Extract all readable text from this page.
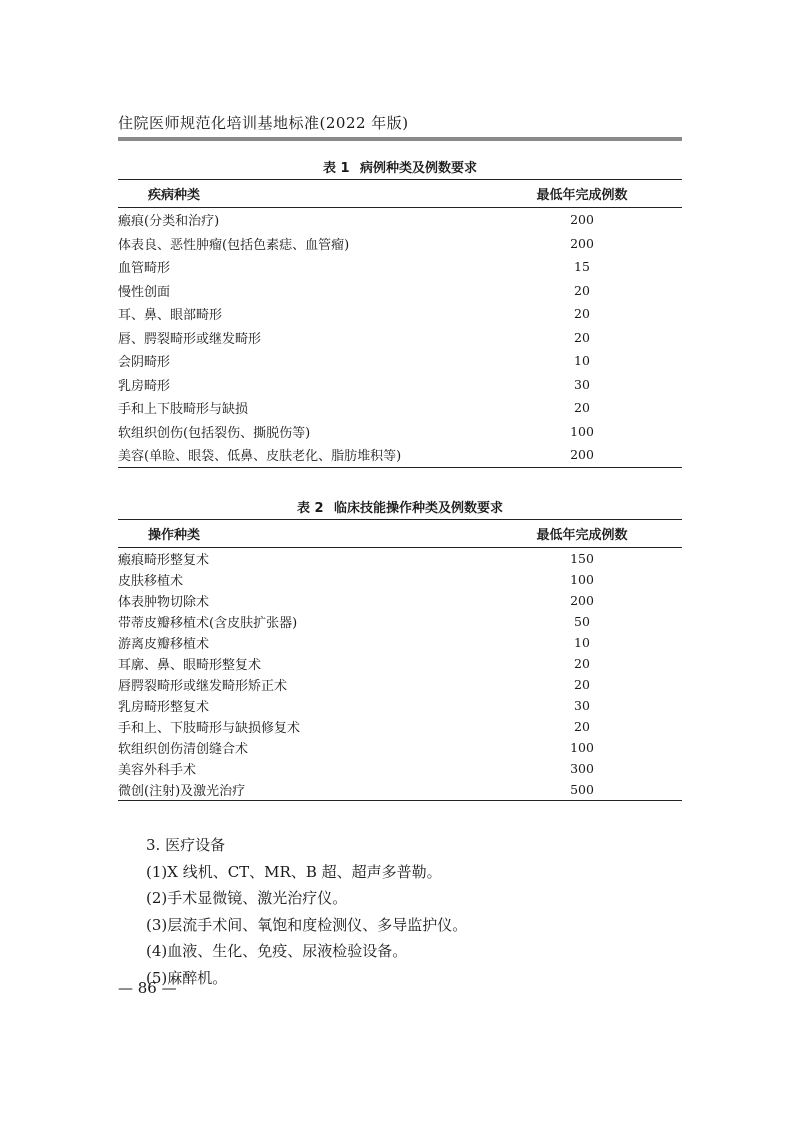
住院医师规范化培训基地标准(2022 年版)
表 1 病例种类及例数要求
疾病种类	最低年完成例数
瘢痕(分类和治疗)	200
体表良、恶性肿瘤(包括色素痣、血管瘤)	200
血管畸形	15
慢性创面	20
耳、鼻、眼部畸形	20
唇、腭裂畸形或继发畸形	20
会阴畸形	10
乳房畸形	30
手和上下肢畸形与缺损	20
软组织创伤(包括裂伤、撕脱伤等)	100
美容(单睑、眼袋、低鼻、皮肤老化、脂肪堆积等)	200
表 2 临床技能操作种类及例数要求
操作种类	最低年完成例数
瘢痕畸形整复术	150
皮肤移植术	100
体表肿物切除术	200
带蒂皮瓣移植术(含皮肤扩张器)	50
游离皮瓣移植术	10
耳廓、鼻、眼畸形整复术	20
唇腭裂畸形或继发畸形矫正术	20
乳房畸形整复术	30
手和上、下肢畸形与缺损修复术	20
软组织创伤清创缝合术	100
美容外科手术	300
微创(注射)及激光治疗	500
3. 医疗设备
(1)X 线机、CT、MR、B 超、超声多普勒。
(2)手术显微镜、激光治疗仪。
(3)层流手术间、氧饱和度检测仪、多导监护仪。
(4)血液、生化、免疫、尿液检验设备。
(5)麻醉机。
— 86 —
